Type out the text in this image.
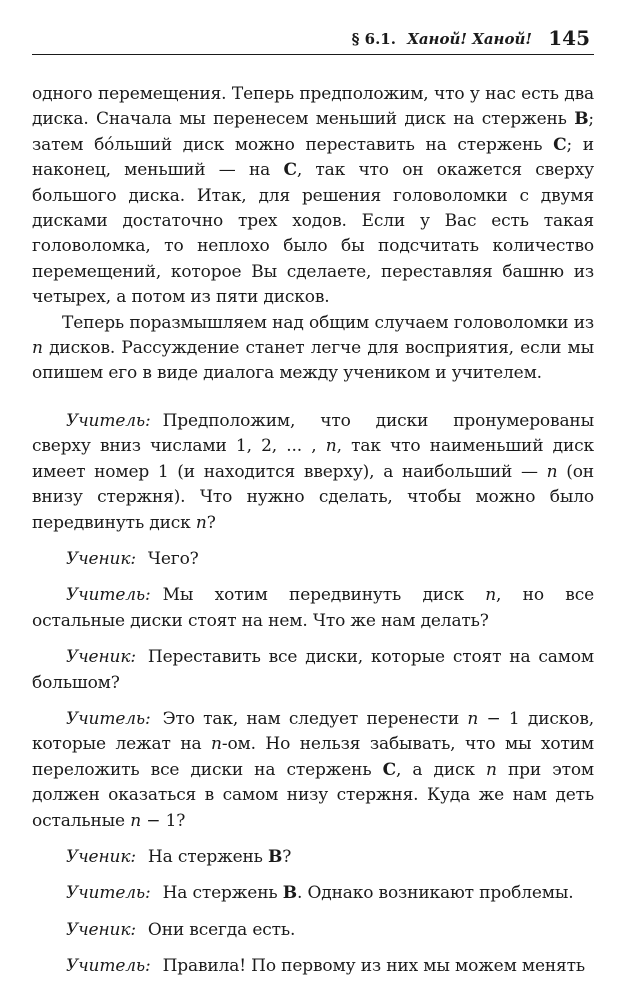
§ 6.1. Ханой! Ханой! 145

одного перемещения. Теперь предположим, что у нас есть два диска. Сначала мы перенесем меньший диск на стержень B; затем бóльший диск можно переставить на стержень C; и наконец, меньший — на C, так что он окажется сверху большого диска. Итак, для решения головоломки с двумя дисками достаточно трех ходов. Если у Вас есть такая головоломка, то неплохо было бы подсчитать количество перемещений, которое Вы сделаете, переставляя башню из четырех, а потом из пяти дисков.

Теперь поразмышляем над общим случаем головоломки из n дисков. Рассуждение станет легче для восприятия, если мы опишем его в виде диалога между учеником и учителем.

Учитель: Предположим, что диски пронумерованы сверху вниз числами 1, 2, ... , n, так что наименьший диск имеет номер 1 (и находится вверху), а наибольший — n (он внизу стержня). Что нужно сделать, чтобы можно было передвинуть диск n?

Ученик: Чего?

Учитель: Мы хотим передвинуть диск n, но все остальные диски стоят на нем. Что же нам делать?

Ученик: Переставить все диски, которые стоят на самом большом?

Учитель: Это так, нам следует перенести n − 1 дисков, которые лежат на n-ом. Но нельзя забывать, что мы хотим переложить все диски на стержень C, а диск n при этом должен оказаться в самом низу стержня. Куда же нам деть остальные n − 1?

Ученик: На стержень B?

Учитель: На стержень B. Однако возникают проблемы.

Ученик: Они всегда есть.

Учитель: Правила! По первому из них мы можем менять
